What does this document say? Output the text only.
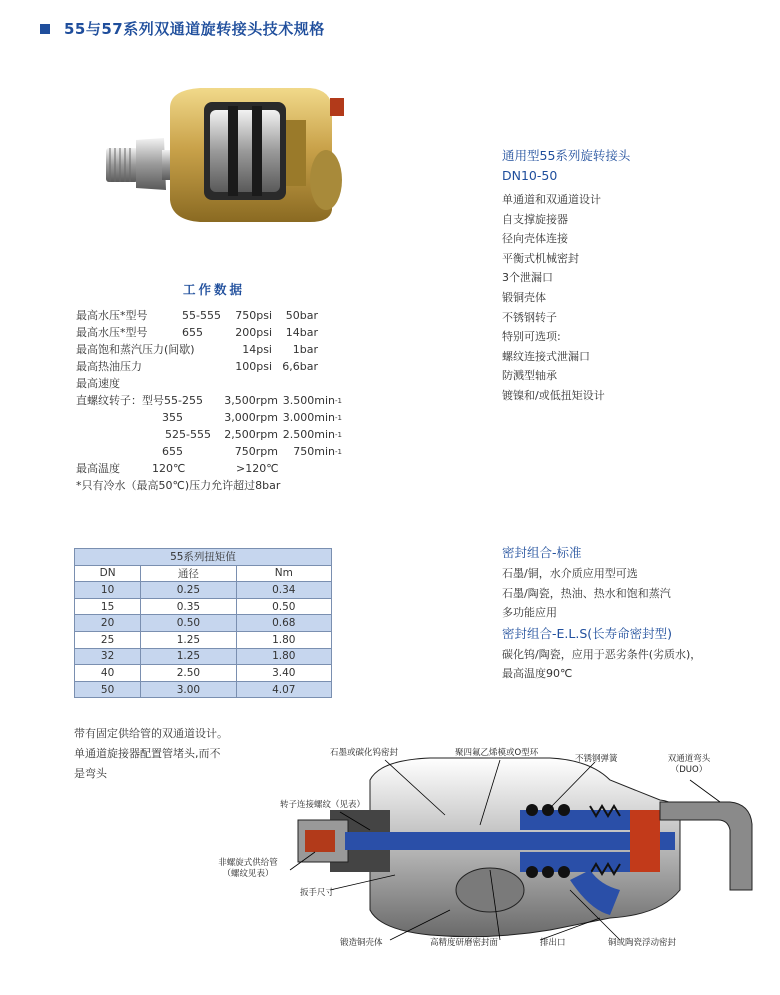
55与57系列双通道旋转接头技术规格
通用型55系列旋转接头
DN10-50
单通道和双通道设计
自支撑旋接器
径向壳体连接
平衡式机械密封
3个泄漏口
锻铜壳体
不锈钢转子
特别可选项:
螺纹连接式泄漏口
防溅型轴承
镀镍和/或低扭矩设计
工作数据
最高水压*型号	55-555	750psi	50bar
最高水压*型号	655	200psi	14bar
最高饱和蒸汽压力(间歇)	14psi	1bar
最高热油压力	100psi 6,6bar
最高速度
直螺纹转子：型号55-255 3,500rpm $3.500\min^{-1}$
355	3,000rpm $3.000\min^{-1}$
525-555 2,500rpm $2.500\min^{-1}$
655	750rpm	$750\min^{-1}$
最高温度	120℃	>120℃
*只有冷水（最高50℃)压力允许超过8bar
55系列扭矩值		
DN	通径	Nm
10	0.25	0.34
15	0.35	0.50
20	0.50	0.68
25	1.25	1.80
32	1.25	1.80
40	2.50	3.40
50	3.00	4.07
密封组合-标准
石墨/铜，水介质应用型可选
石墨/陶瓷，热油、热水和饱和蒸汽
多功能应用
密封组合-E.L.S(长寿命密封型)
碳化钨/陶瓷，应用于恶劣条件(劣质水)，
最高温度90℃
带有固定供给管的双通道设计。
单通道旋接器配置管堵头,而不
是弯头
石墨或碳化钨密封	聚四氟乙烯模或O型环
不锈钢弹簧	双通道弯头
（DUO）
转子连接螺纹（见表）
非螺旋式供给管
（螺纹见表）
扳手尺寸
锻造铜壳体	高精度研磨密封面	排出口	铜或陶瓷浮动密封
